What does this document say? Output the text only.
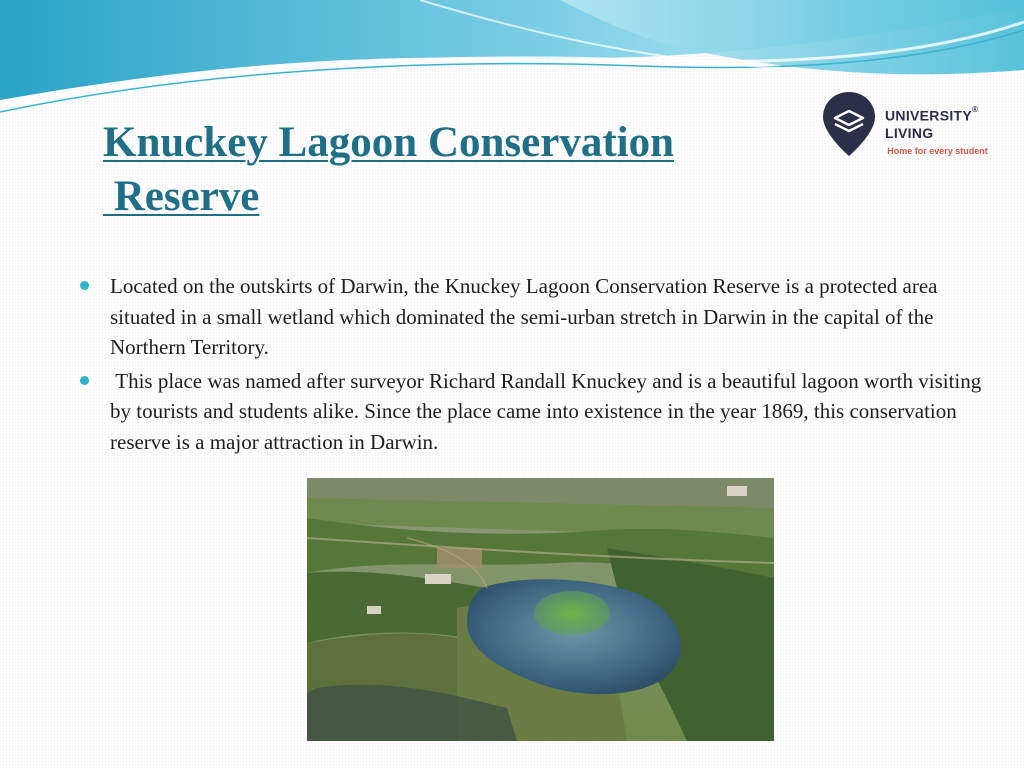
Knuckey Lagoon Conservation
Reserve
UNIVERSITY®
LIVING
Home for every student
Located on the outskirts of Darwin, the Knuckey Lagoon Conservation Reserve is a protected area situated in a small wetland which dominated the semi-urban stretch in Darwin in the capital of the Northern Territory.
This place was named after surveyor Richard Randall Knuckey and is a beautiful lagoon worth visiting by tourists and students alike. Since the place came into existence in the year 1869, this conservation reserve is a major attraction in Darwin.
